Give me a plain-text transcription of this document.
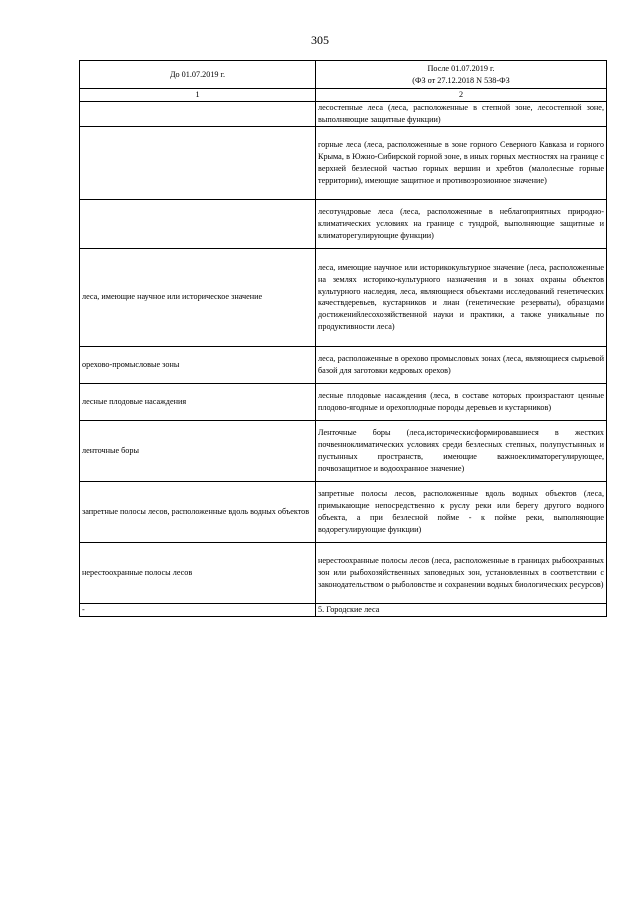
305
До 01.07.2019 г.	После 01.07.2019 г.
(ФЗ от 27.12.2018 N 538-ФЗ

1	2
	лесостепные леса (леса, расположенные в степной зоне, лесостепной зоне, выполняющие защитные функции)
	горные леса (леса, расположенные в зоне горного Северного Кавказа и горного Крыма, в Южно-Сибирской горной зоне, в иных горных местностях на границе с верхней безлесной частью горных вершин и хребтов (малолесные горные территории), имеющие защитное и противоэрозионное значение)
	лесотундровые леса (леса, расположенные в неблагоприятных природно-климатических условиях на границе с тундрой, выполняющие защитные и климаторегулирующие функции)
леса, имеющие научное или историческое значение	леса, имеющие научное или историкокультурное значение (леса, расположенные на землях историко-культурного назначения и в зонах охраны объектов культурного наследия, леса, являющиеся объектами исследований генетических качествдеревьев, кустарников и лиан (генетические резерваты), образцами достиженийлесохозяйственной науки и практики, а также уникальные по продуктивности леса)
орехово-промысловые зоны	леса, расположенные в орехово промысловых зонах (леса, являющиеся сырьевой базой для заготовки кедровых орехов)
лесные плодовые насаждения	лесные плодовые насаждения (леса, в составе которых произрастают ценные плодово-ягодные и орехоплодные породы деревьев и кустарников)
ленточные боры	Ленточные боры (леса,историческисформировавшиеся в жестких почвенноклиматических условиях среди безлесных степных, полупустынных и пустынных пространств, имеющие важноеклиматорегулирующее, почвозащитное и водоохранное значение)
запретные полосы лесов, расположенные вдоль водных объектов	запретные полосы лесов, расположенные вдоль водных объектов (леса, примыкающие непосредственно к руслу реки или берегу другого водного объекта, а при безлесной пойме - к пойме реки, выполняющие водорегулирующие функции)
нерестоохранные полосы лесов	нерестоохранные полосы лесов (леса, расположенные в границах рыбоохранных зон или рыбохозяйственных заповедных зон, установленных в соответствии с законодательством о рыболовстве и сохранении водных биологических ресурсов)
-	5. Городские леса
